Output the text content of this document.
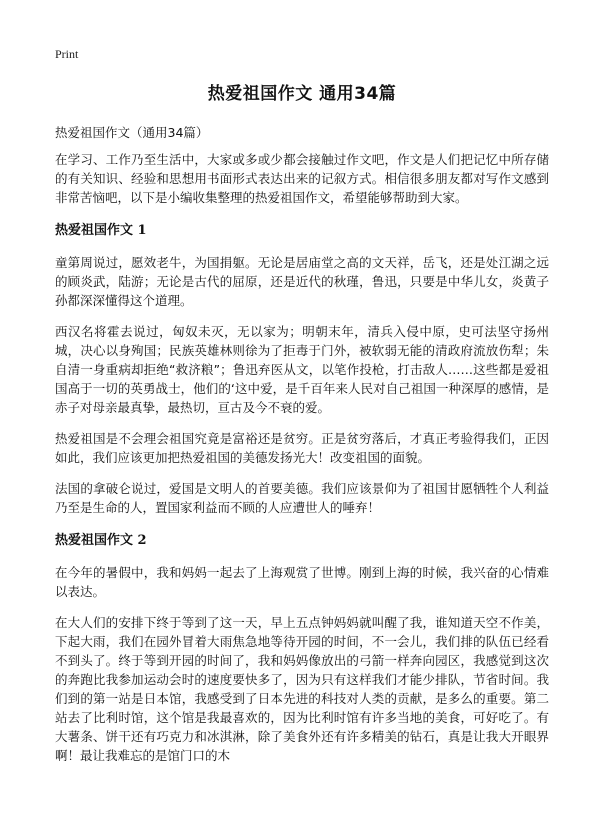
Print
热爱祖国作文 通用34篇
热爱祖国作文（通用34篇）

在学习、工作乃至生活中，大家或多或少都会接触过作文吧，作文是人们把记忆中所存储的有关知识、经验和思想用书面形式表达出来的记叙方式。相信很多朋友都对写作文感到非常苦恼吧，以下是小编收集整理的热爱祖国作文，希望能够帮助到大家。

热爱祖国作文 1

童第周说过，愿效老牛，为国捐躯。无论是居庙堂之高的文天祥，岳飞，还是处江湖之远的顾炎武，陆游；无论是古代的屈原，还是近代的秋瑾，鲁迅，只要是中华儿女，炎黄子孙都深深懂得这个道理。

西汉名将霍去说过，匈奴未灭，无以家为；明朝末年，清兵入侵中原，史可法坚守扬州城，决心以身殉国；民族英雄林则徐为了拒毒于门外，被软弱无能的清政府流放伤犁；朱自清一身重病却拒绝“救济粮”；鲁迅弃医从文，以笔作投枪，打击敌人……这些都是爱祖国高于一切的英勇战士，他们的‘这中爱，是千百年来人民对自己祖国一种深厚的感情，是赤子对母亲最真挚，最热切，亘古及今不衰的爱。

热爱祖国是不会理会祖国究竟是富裕还是贫穷。正是贫穷落后，才真正考验得我们，正因如此，我们应该更加把热爱祖国的美德发扬光大！改变祖国的面貌。

法国的拿破仑说过，爱国是文明人的首要美德。我们应该景仰为了祖国甘愿牺牲个人利益乃至是生命的人，置国家利益而不顾的人应遭世人的唾弃！

热爱祖国作文 2

在今年的暑假中，我和妈妈一起去了上海观赏了世博。刚到上海的时候，我兴奋的心情难以表达。

在大人们的安排下终于等到了这一天，早上五点钟妈妈就叫醒了我，谁知道天空不作美，下起大雨，我们在园外冒着大雨焦急地等待开园的时间，不一会儿，我们排的队伍已经看不到头了。终于等到开园的时间了，我和妈妈像放出的弓箭一样奔向园区，我感觉到这次的奔跑比我参加运动会时的速度要快多了，因为只有这样我们才能少排队，节省时间。我们到的第一站是日本馆，我感受到了日本先进的科技对人类的贡献，是多么的重要。第二站去了比利时馆，这个馆是我最喜欢的，因为比利时馆有许多当地的美食，可好吃了。有大薯条、饼干还有巧克力和冰淇淋，除了美食外还有许多精美的钻石，真是让我大开眼界啊！最让我难忘的是馆门口的木
